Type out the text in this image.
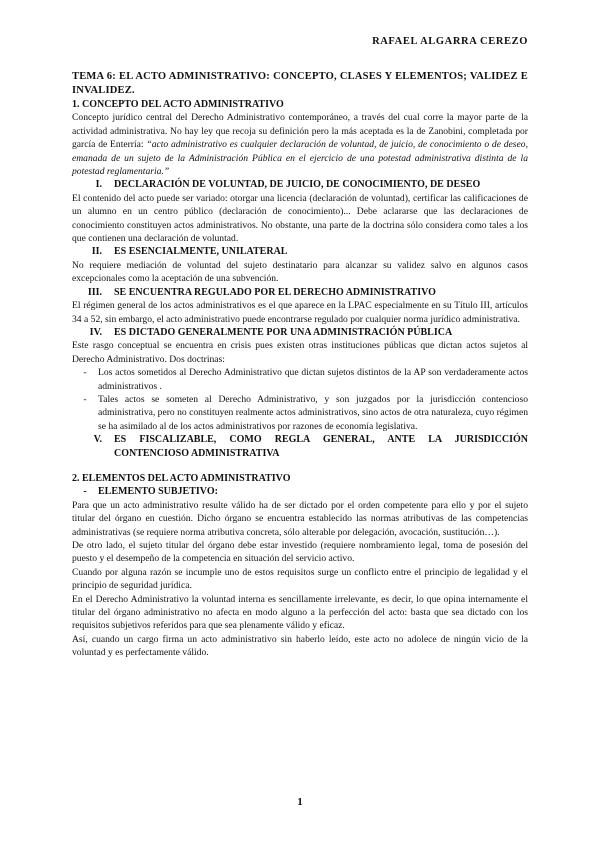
RAFAEL ALGARRA CEREZO
TEMA 6: EL ACTO ADMINISTRATIVO: CONCEPTO, CLASES Y ELEMENTOS; VALIDEZ E INVALIDEZ.

1. CONCEPTO DEL ACTO ADMINISTRATIVO

Concepto jurídico central del Derecho Administrativo contemporáneo, a través del cual corre la mayor parte de la actividad administrativa. No hay ley que recoja su definición pero la más aceptada es la de Zanobini, completada por garcía de Enterría: “acto administrativo es cualquier declaración de voluntad, de juicio, de conocimiento o de deseo, emanada de un sujeto de la Administración Pública en el ejercicio de una potestad administrativa distinta de la potestad reglamentaria.”

I.	DECLARACIÓN DE VOLUNTAD, DE JUICIO, DE CONOCIMIENTO, DE DESEO

El contenido del acto puede ser variado: otorgar una licencia (declaración de voluntad), certificar las calificaciones de un alumno en un centro público (declaración de conocimiento)... Debe aclararse que las declaraciones de conocimiento constituyen actos administrativos. No obstante, una parte de la doctrina sólo considera como tales a los que contienen una declaración de voluntad.

II.	ES ESENCIALMENTE, UNILATERAL

No requiere mediación de voluntad del sujeto destinatario para alcanzar su validez salvo en algunos casos excepcionales como la aceptación de una subvención.

III.	SE ENCUENTRA REGULADO POR EL DERECHO ADMINISTRATIVO

El régimen general de los actos administrativos es el que aparece en la LPAC especialmente en su Título III, artículos 34 a 52, sin embargo, el acto administrativo puede encontrarse regulado por cualquier norma jurídico administrativa.

IV.	ES DICTADO GENERALMENTE POR UNA ADMINISTRACIÓN PÚBLICA

Este rasgo conceptual se encuentra en crisis pues existen otras instituciones públicas que dictan actos sujetos al Derecho Administrativo. Dos doctrinas:

-	Los actos sometidos al Derecho Administrativo que dictan sujetos distintos de la AP son verdaderamente actos administrativos .

-	Tales actos se someten al Derecho Administrativo, y son juzgados por la jurisdicción contencioso administrativa, pero no constituyen realmente actos administrativos, sino actos de otra naturaleza, cuyo régimen se ha asimilado al de los actos administrativos por razones de economía legislativa.

V.	ES FISCALIZABLE, COMO REGLA GENERAL, ANTE LA JURISDICCIÓN CONTENCIOSO ADMINISTRATIVA

2. ELEMENTOS DEL ACTO ADMINISTRATIVO

-	ELEMENTO SUBJETIVO:

Para que un acto administrativo resulte válido ha de ser dictado por el orden competente para ello y por el sujeto titular del órgano en cuestión. Dicho órgano se encuentra establecido las normas atributivas de las competencias administrativas (se requiere norma atributiva concreta, sólo alterable por delegación, avocación, sustitución…).

De otro lado, el sujeto titular del órgano debe estar investido (requiere nombramiento legal, toma de posesión del puesto y el desempeño de la competencia en situación del servicio activo.

Cuando por alguna razón se incumple uno de estos requisitos surge un conflicto entre el principio de legalidad y el principio de seguridad jurídica.

En el Derecho Administrativo la voluntad interna es sencillamente irrelevante, es decir, lo que opina internamente el titular del órgano administrativo no afecta en modo alguno a la perfección del acto: basta que sea dictado con los requisitos subjetivos referidos para que sea plenamente válido y eficaz.

Así, cuando un cargo firma un acto administrativo sin haberlo leído, este acto no adolece de ningún vicio de la voluntad y es perfectamente válido.

1
